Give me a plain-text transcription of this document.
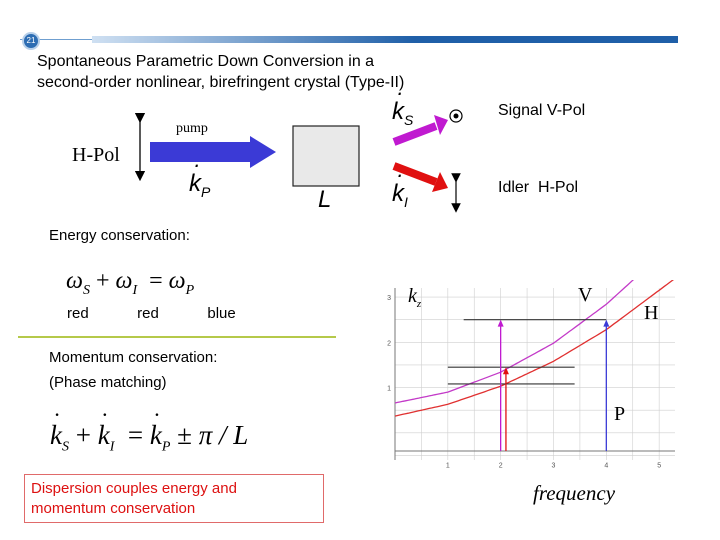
21
Spontaneous Parametric Down Conversion in a
second-order nonlinear, birefringent crystal (Type-II)
H-Pol
pump
· $k_P$	L
· $k_S$
· $k_I$
Signal V-Pol
Idler  H-Pol
Energy conservation:
$\omega_S + \omega_I = \omega_P$
red   red   blue
Momentum conservation:
(Phase matching)
· $k_S$ + · $k_I$ = · $k_P \pm \pi / L$
Dispersion couples energy and
momentum conservation
1	2	3	4	5
1
2
3 $k_z$	V
H
P
frequency
